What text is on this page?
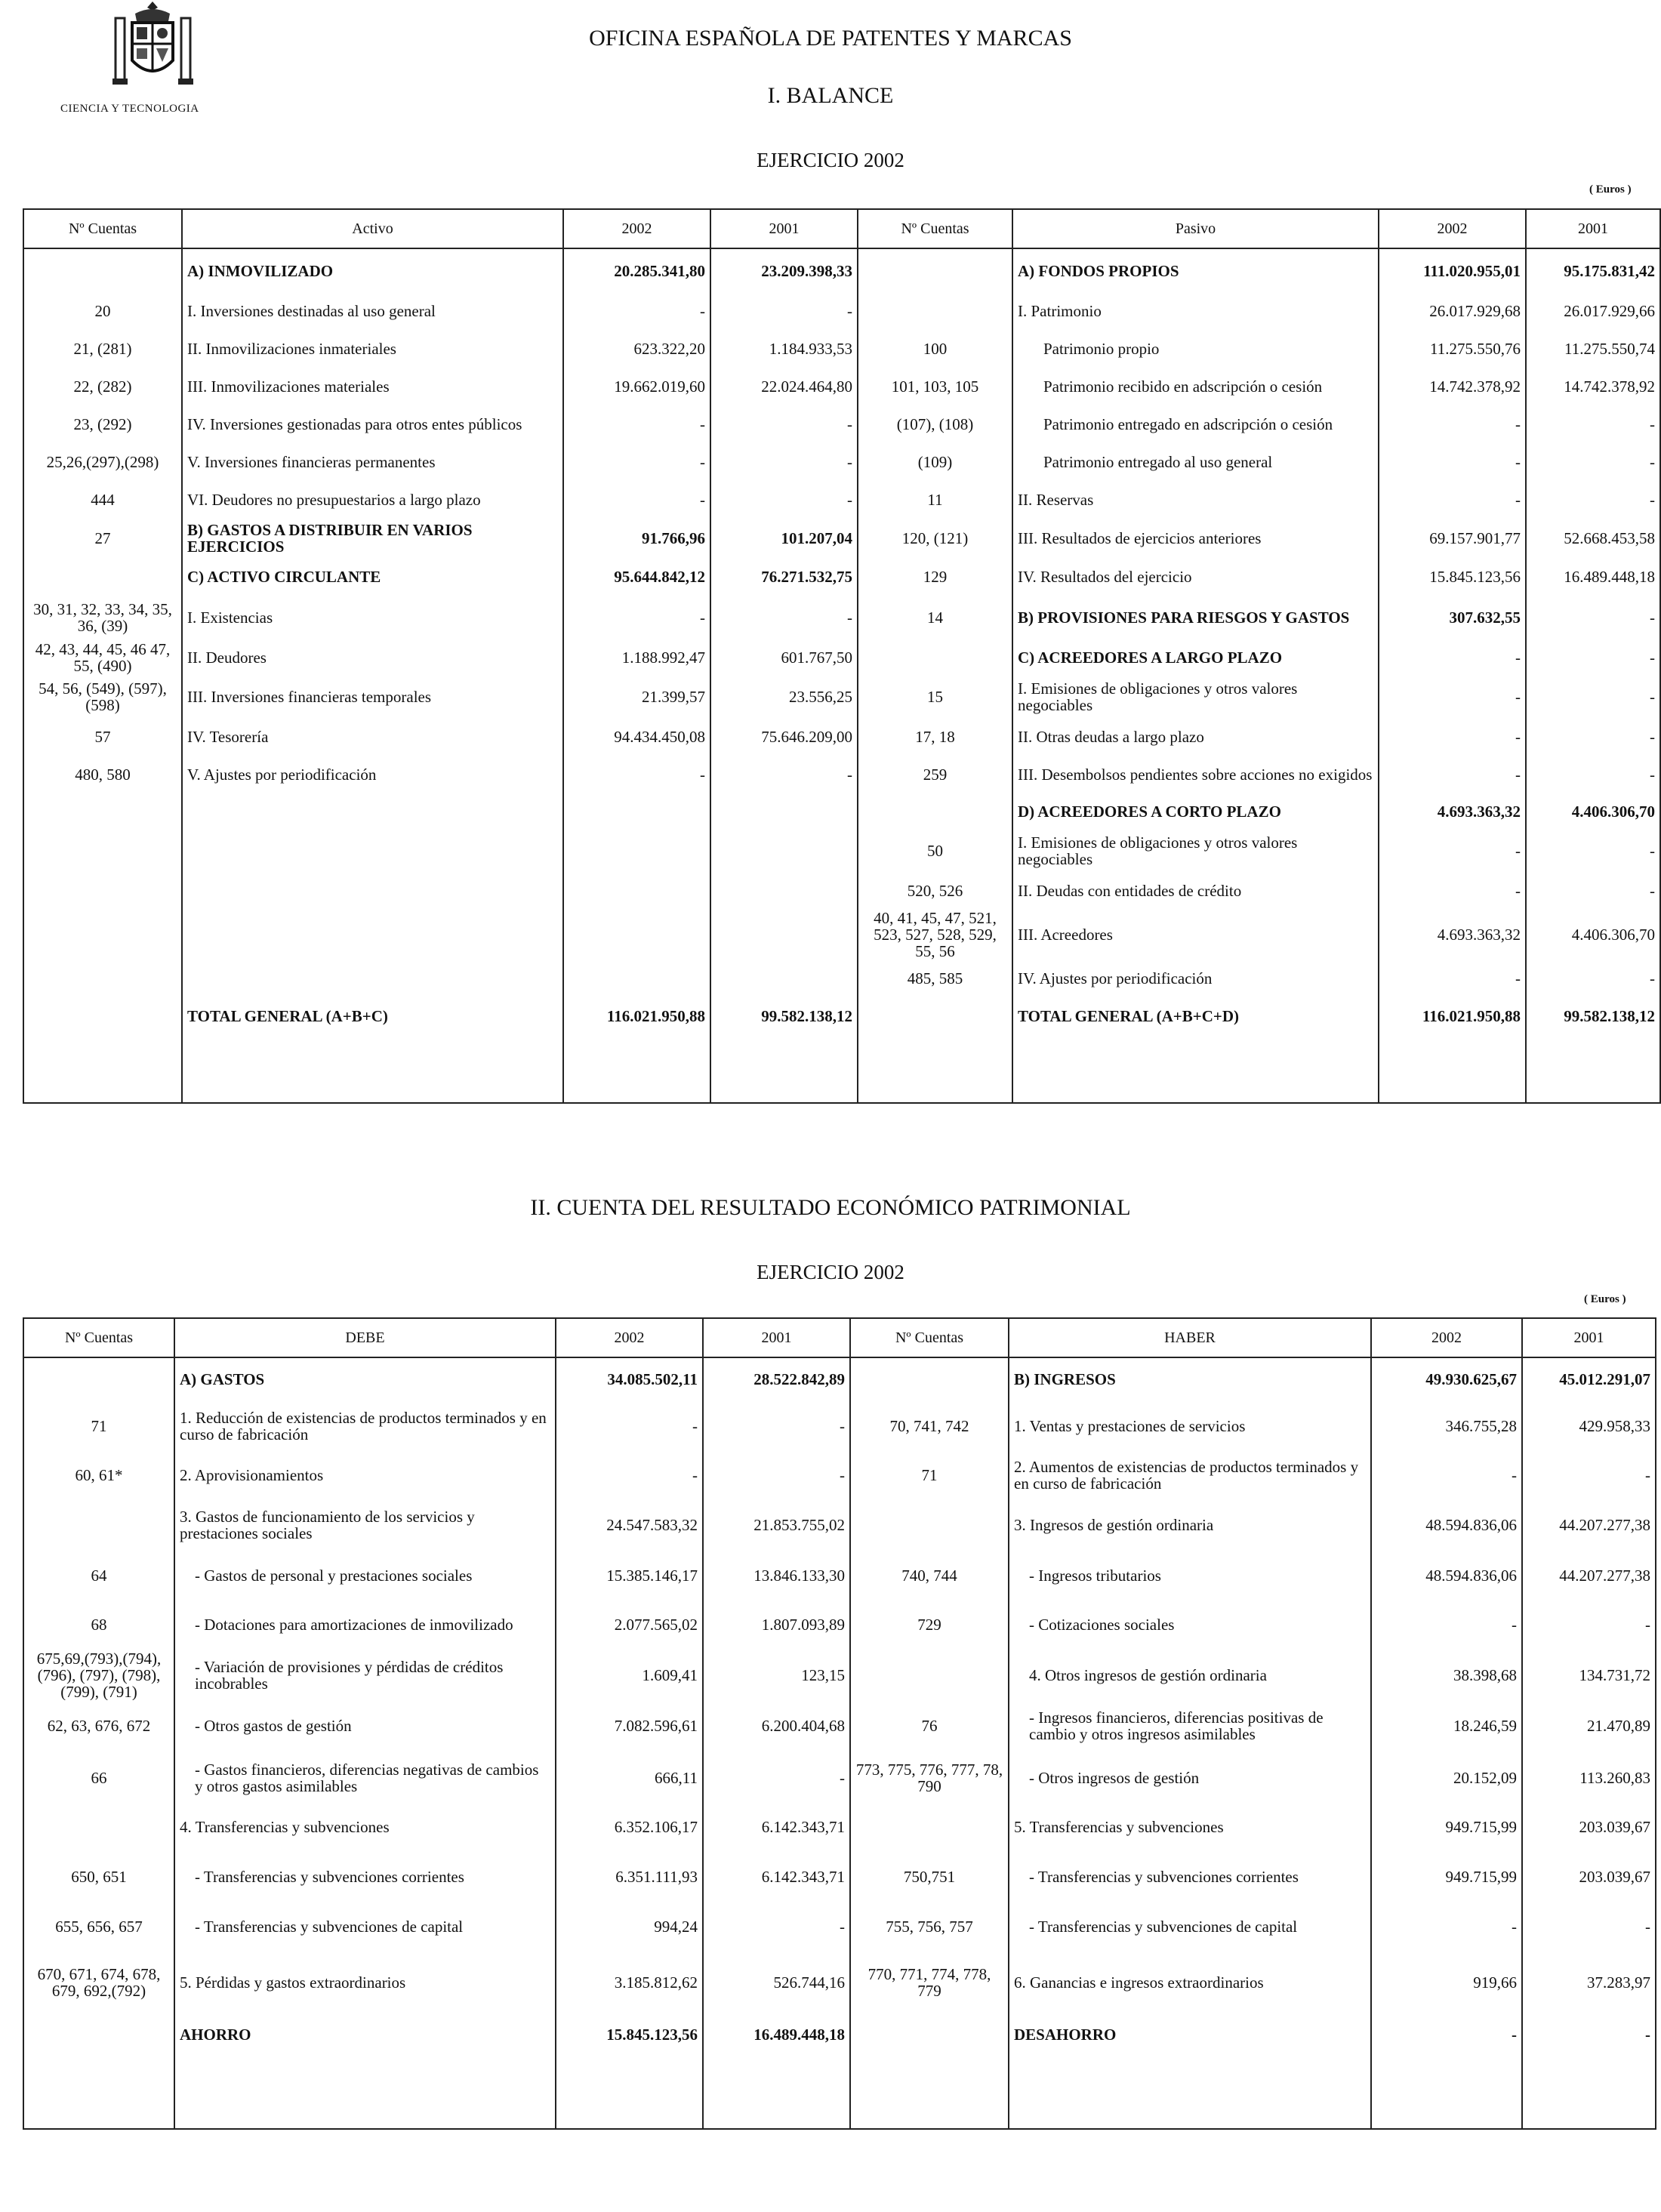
CIENCIA Y TECNOLOGIA
OFICINA ESPAÑOLA DE PATENTES Y MARCAS
I. BALANCE
EJERCICIO 2002
( Euros )
Nº Cuentas	Activo	2002	2001	Nº Cuentas	Pasivo	2002	2001
	A) INMOVILIZADO	20.285.341,80	23.209.398,33		A) FONDOS PROPIOS	111.020.955,01	95.175.831,42
20	I. Inversiones destinadas al uso general	-	-		I. Patrimonio	26.017.929,68	26.017.929,66
21, (281)	II. Inmovilizaciones inmateriales	623.322,20	1.184.933,53	100	Patrimonio propio	11.275.550,76	11.275.550,74
22, (282)	III. Inmovilizaciones materiales	19.662.019,60	22.024.464,80	101, 103, 105	Patrimonio recibido en adscripción o cesión	14.742.378,92	14.742.378,92
23, (292)	IV. Inversiones gestionadas para otros entes públicos	-	-	(107), (108)	Patrimonio entregado en adscripción o cesión	-	-
25,26,(297),(298)	V. Inversiones financieras permanentes	-	-	(109)	Patrimonio entregado al uso general	-	-
444	VI. Deudores no presupuestarios a largo plazo	-	-	11	II. Reservas	-	-
27	B) GASTOS A DISTRIBUIR EN VARIOS EJERCICIOS	91.766,96	101.207,04	120, (121)	III. Resultados de ejercicios anteriores	69.157.901,77	52.668.453,58
	C) ACTIVO CIRCULANTE	95.644.842,12	76.271.532,75	129	IV. Resultados del ejercicio	15.845.123,56	16.489.448,18
30, 31, 32, 33, 34, 35, 36, (39)	I. Existencias	-	-	14	B) PROVISIONES PARA RIESGOS Y GASTOS	307.632,55	-
42, 43, 44, 45, 46 47, 55, (490)	II. Deudores	1.188.992,47	601.767,50		C) ACREEDORES A LARGO PLAZO	-	-
54, 56, (549), (597), (598)	III. Inversiones financieras temporales	21.399,57	23.556,25	15	I. Emisiones de obligaciones y otros valores negociables	-	-
57	IV. Tesorería	94.434.450,08	75.646.209,00	17, 18	II. Otras deudas a largo plazo	-	-
480, 580	V. Ajustes por periodificación	-	-	259	III. Desembolsos pendientes sobre acciones no exigidos	-	-
					D) ACREEDORES A CORTO PLAZO	4.693.363,32	4.406.306,70
				50	I. Emisiones de obligaciones y otros valores negociables	-	-
				520, 526	II. Deudas con entidades de crédito	-	-
				40, 41, 45, 47, 521, 523, 527, 528, 529, 55, 56	III. Acreedores	4.693.363,32	4.406.306,70
				485, 585	IV. Ajustes por periodificación	-	-
	TOTAL GENERAL (A+B+C)	116.021.950,88	99.582.138,12		TOTAL GENERAL (A+B+C+D)	116.021.950,88	99.582.138,12
II. CUENTA DEL RESULTADO ECONÓMICO PATRIMONIAL
EJERCICIO 2002
( Euros )
Nº Cuentas	DEBE	2002	2001	Nº Cuentas	HABER	2002	2001
	A) GASTOS	34.085.502,11	28.522.842,89		B) INGRESOS	49.930.625,67	45.012.291,07
71	1. Reducción de existencias de productos terminados y en curso de fabricación	-	-	70, 741, 742	1. Ventas y prestaciones de servicios	346.755,28	429.958,33
60, 61*	2. Aprovisionamientos	-	-	71	2. Aumentos de existencias de productos terminados y en curso de fabricación	-	-
	3. Gastos de funcionamiento de los servicios y prestaciones sociales	24.547.583,32	21.853.755,02		3. Ingresos de gestión ordinaria	48.594.836,06	44.207.277,38
64	- Gastos de personal y prestaciones sociales	15.385.146,17	13.846.133,30	740, 744	- Ingresos tributarios	48.594.836,06	44.207.277,38
68	- Dotaciones para amortizaciones de inmovilizado	2.077.565,02	1.807.093,89	729	- Cotizaciones sociales	-	-
675,69,(793),(794), (796), (797), (798), (799), (791)	- Variación de provisiones y pérdidas de créditos incobrables	1.609,41	123,15		4. Otros ingresos de gestión ordinaria	38.398,68	134.731,72
62, 63, 676, 672	- Otros gastos de gestión	7.082.596,61	6.200.404,68	76	- Ingresos financieros, diferencias positivas de cambio y otros ingresos asimilables	18.246,59	21.470,89
66	- Gastos financieros, diferencias negativas de cambios y otros gastos asimilables	666,11	-	773, 775, 776, 777, 78, 790	- Otros ingresos de gestión	20.152,09	113.260,83
	4. Transferencias y subvenciones	6.352.106,17	6.142.343,71		5. Transferencias y subvenciones	949.715,99	203.039,67
650, 651	- Transferencias y subvenciones corrientes	6.351.111,93	6.142.343,71	750,751	- Transferencias y subvenciones corrientes	949.715,99	203.039,67
655, 656, 657	- Transferencias y subvenciones de capital	994,24	-	755, 756, 757	- Transferencias y subvenciones de capital	-	-
670, 671, 674, 678, 679, 692,(792)	5. Pérdidas y gastos extraordinarios	3.185.812,62	526.744,16	770, 771, 774, 778, 779	6. Ganancias e ingresos extraordinarios	919,66	37.283,97
	AHORRO	15.845.123,56	16.489.448,18		DESAHORRO	-	-
